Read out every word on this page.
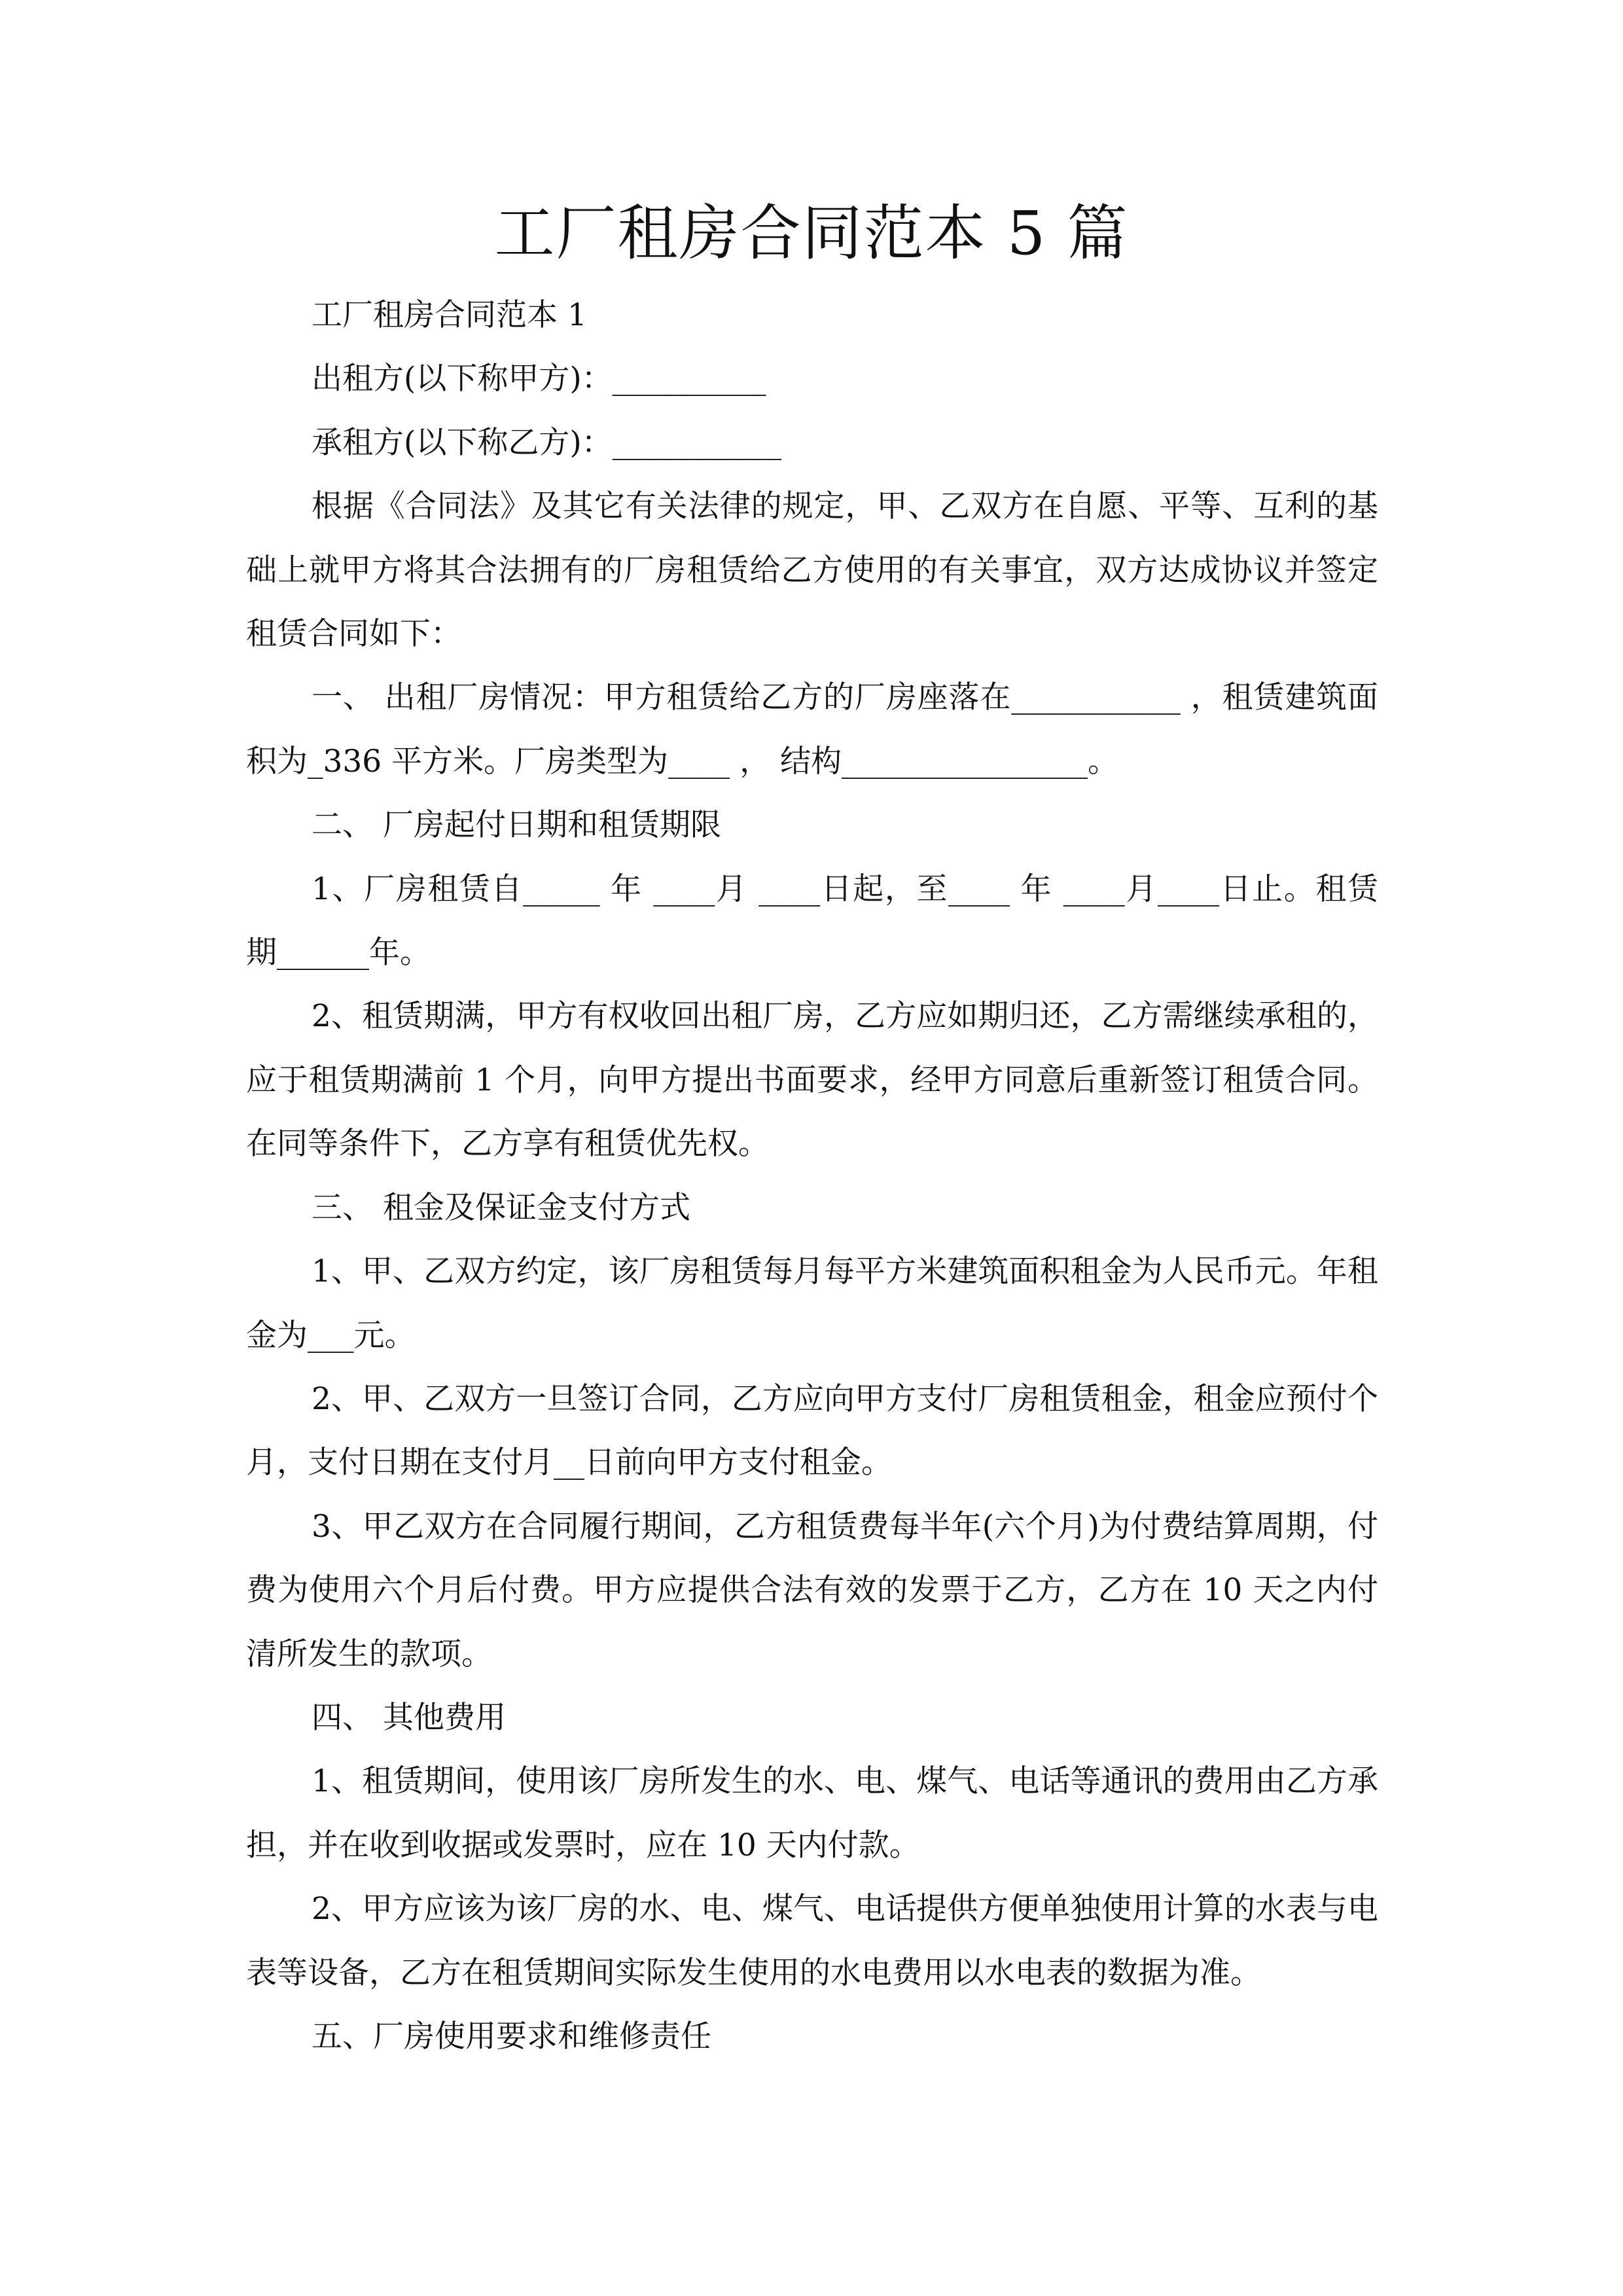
工厂租房合同范本 5 篇

工厂租房合同范本 1

出租方(以下称甲方)：__________

承租方(以下称乙方)：___________

根据《合同法》及其它有关法律的规定，甲、乙双方在自愿、平等、互利的基础上就甲方将其合法拥有的厂房租赁给乙方使用的有关事宜，双方达成协议并签定租赁合同如下：

一、 出租厂房情况：甲方租赁给乙方的厂房座落在___________ ，租赁建筑面积为_336 平方米。厂房类型为____ ， 结构________________。

二、 厂房起付日期和租赁期限

1、厂房租赁自_____ 年 ____月 ____日起，至____ 年 ____月____日止。租赁期______年。

2、租赁期满，甲方有权收回出租厂房，乙方应如期归还，乙方需继续承租的，应于租赁期满前 1 个月，向甲方提出书面要求，经甲方同意后重新签订租赁合同。在同等条件下，乙方享有租赁优先权。

三、 租金及保证金支付方式

1、甲、乙双方约定，该厂房租赁每月每平方米建筑面积租金为人民币元。年租金为___元。

2、甲、乙双方一旦签订合同，乙方应向甲方支付厂房租赁租金，租金应预付个月，支付日期在支付月__日前向甲方支付租金。

3、甲乙双方在合同履行期间，乙方租赁费每半年(六个月)为付费结算周期，付费为使用六个月后付费。甲方应提供合法有效的发票于乙方，乙方在 10 天之内付清所发生的款项。

四、 其他费用

1、租赁期间，使用该厂房所发生的水、电、煤气、电话等通讯的费用由乙方承担，并在收到收据或发票时，应在 10 天内付款。

2、甲方应该为该厂房的水、电、煤气、电话提供方便单独使用计算的水表与电表等设备，乙方在租赁期间实际发生使用的水电费用以水电表的数据为准。

五、厂房使用要求和维修责任
